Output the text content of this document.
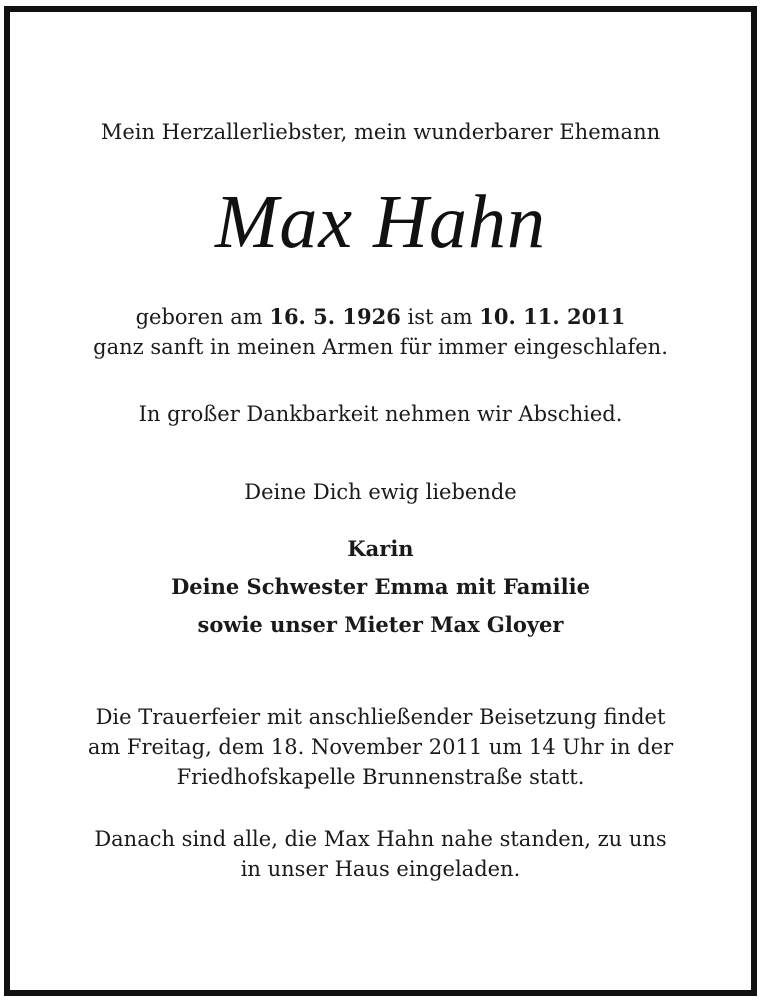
Mein Herzallerliebster, mein wunderbarer Ehemann
Max Hahn
geboren am 16. 5. 1926 ist am 10. 11. 2011
ganz sanft in meinen Armen für immer eingeschlafen.
In großer Dankbarkeit nehmen wir Abschied.
Deine Dich ewig liebende
Karin
Deine Schwester Emma mit Familie
sowie unser Mieter Max Gloyer
Die Trauerfeier mit anschließender Beisetzung findet
am Freitag, dem 18. November 2011 um 14 Uhr in der
Friedhofskapelle Brunnenstraße statt.
Danach sind alle, die Max Hahn nahe standen, zu uns
in unser Haus eingeladen.
